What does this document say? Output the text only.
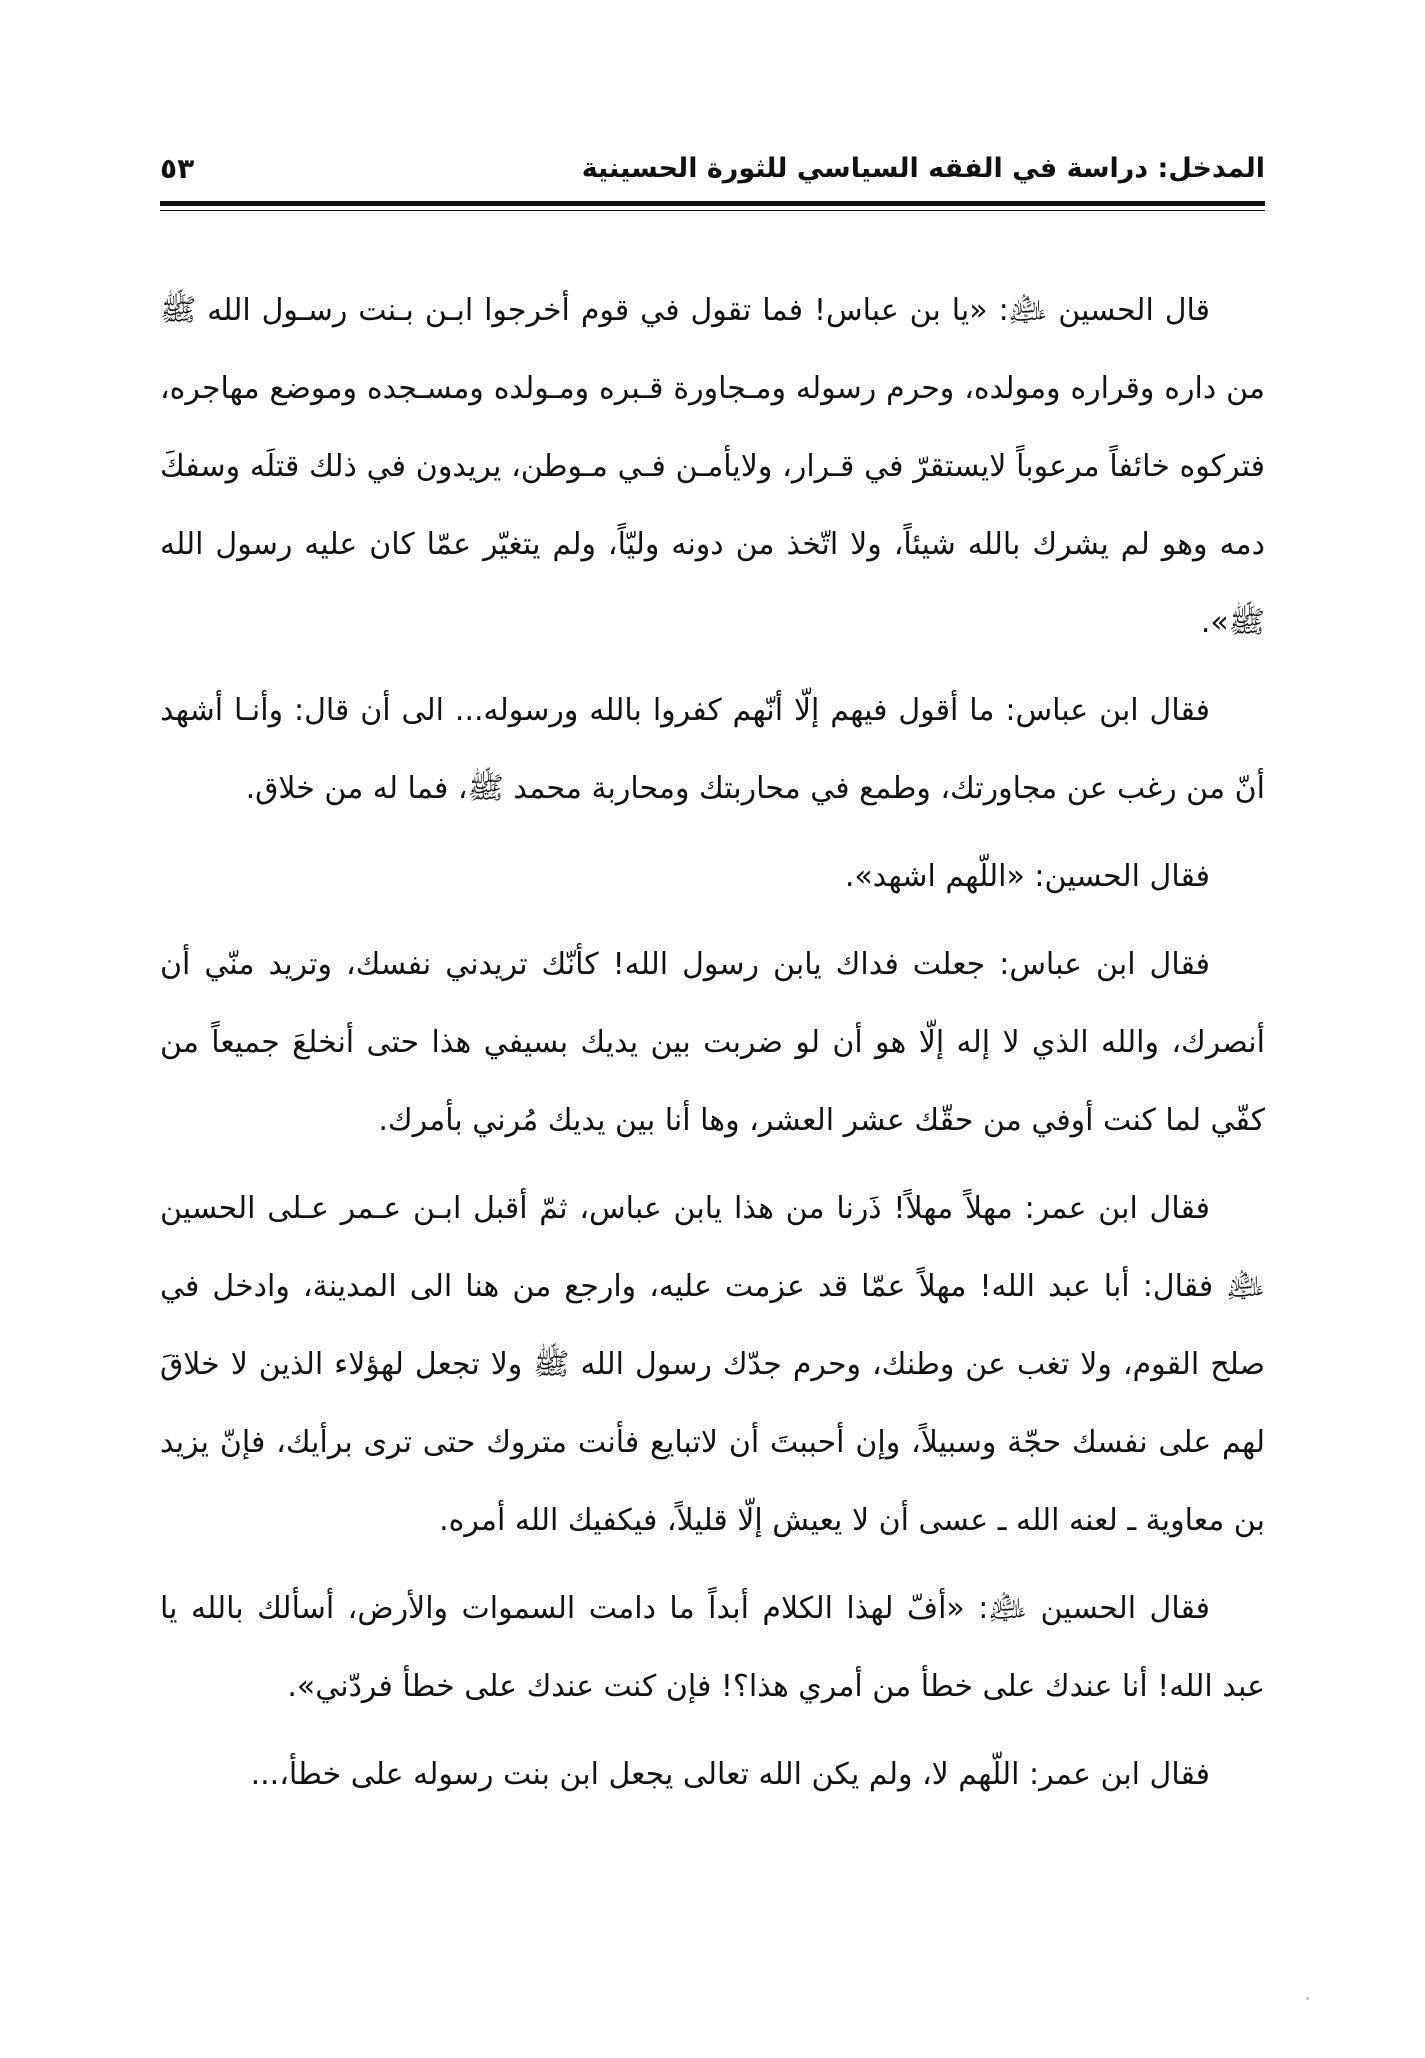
المدخل: دراسة في الفقه السياسي للثورة الحسينية
٥٣

قال الحسين ﵇: «يا بن عباس! فما تقول في قوم أخرجوا ابـن بـنت رسـول الله ﷺ من داره وقراره ومولده، وحرم رسوله ومـجاورة قـبره ومـولده ومسـجده وموضع مهاجره، فتركوه خائفاً مرعوباً لايستقرّ في قـرار، ولايأمـن فـي مـوطن، يريدون في ذلك قتلَه وسفكَ دمه وهو لم يشرك بالله شيئاً، ولا اتّخذ من دونه وليّاً، ولم يتغيّر عمّا كان عليه رسول الله ﷺ».

فقال ابن عباس: ما أقول فيهم إلّا أنّهم كفروا بالله ورسوله... الى أن قال: وأنـا أشهد أنّ من رغب عن مجاورتك، وطمع في محاربتك ومحاربة محمد ﷺ، فما له من خلاق.

فقال الحسين: «اللّهم اشهد».

فقال ابن عباس: جعلت فداك يابن رسول الله! كأنّك تريدني نفسك، وتريد منّي أن أنصرك، والله الذي لا إله إلّا هو أن لو ضربت بين يديك بسيفي هذا حتى أنخلعَ جميعاً من كفّي لما كنت أوفي من حقّك عشر العشر، وها أنا بين يديك مُرني بأمرك.

فقال ابن عمر: مهلاً مهلاً! ذَرنا من هذا يابن عباس، ثمّ أقبل ابـن عـمر عـلى الحسين ﵇ فقال: أبا عبد الله! مهلاً عمّا قد عزمت عليه، وارجع من هنا الى المدينة، وادخل في صلح القوم، ولا تغب عن وطنك، وحرم جدّك رسول الله ﷺ ولا تجعل لهؤلاء الذين لا خلاقَ لهم على نفسك حجّة وسبيلاً، وإن أحببتَ أن لاتبايع فأنت متروك حتى ترى برأيك، فإنّ يزيد بن معاوية ـ لعنه الله ـ عسى أن لا يعيش إلّا قليلاً، فيكفيك الله أمره.

فقال الحسين ﵇: «أفّ لهذا الكلام أبداً ما دامت السموات والأرض، أسألك بالله يا عبد الله! أنا عندك على خطأ من أمري هذا؟! فإن كنت عندك على خطأ فردّني».

فقال ابن عمر: اللّهم لا، ولم يكن الله تعالى يجعل ابن بنت رسوله على خطأ،...
